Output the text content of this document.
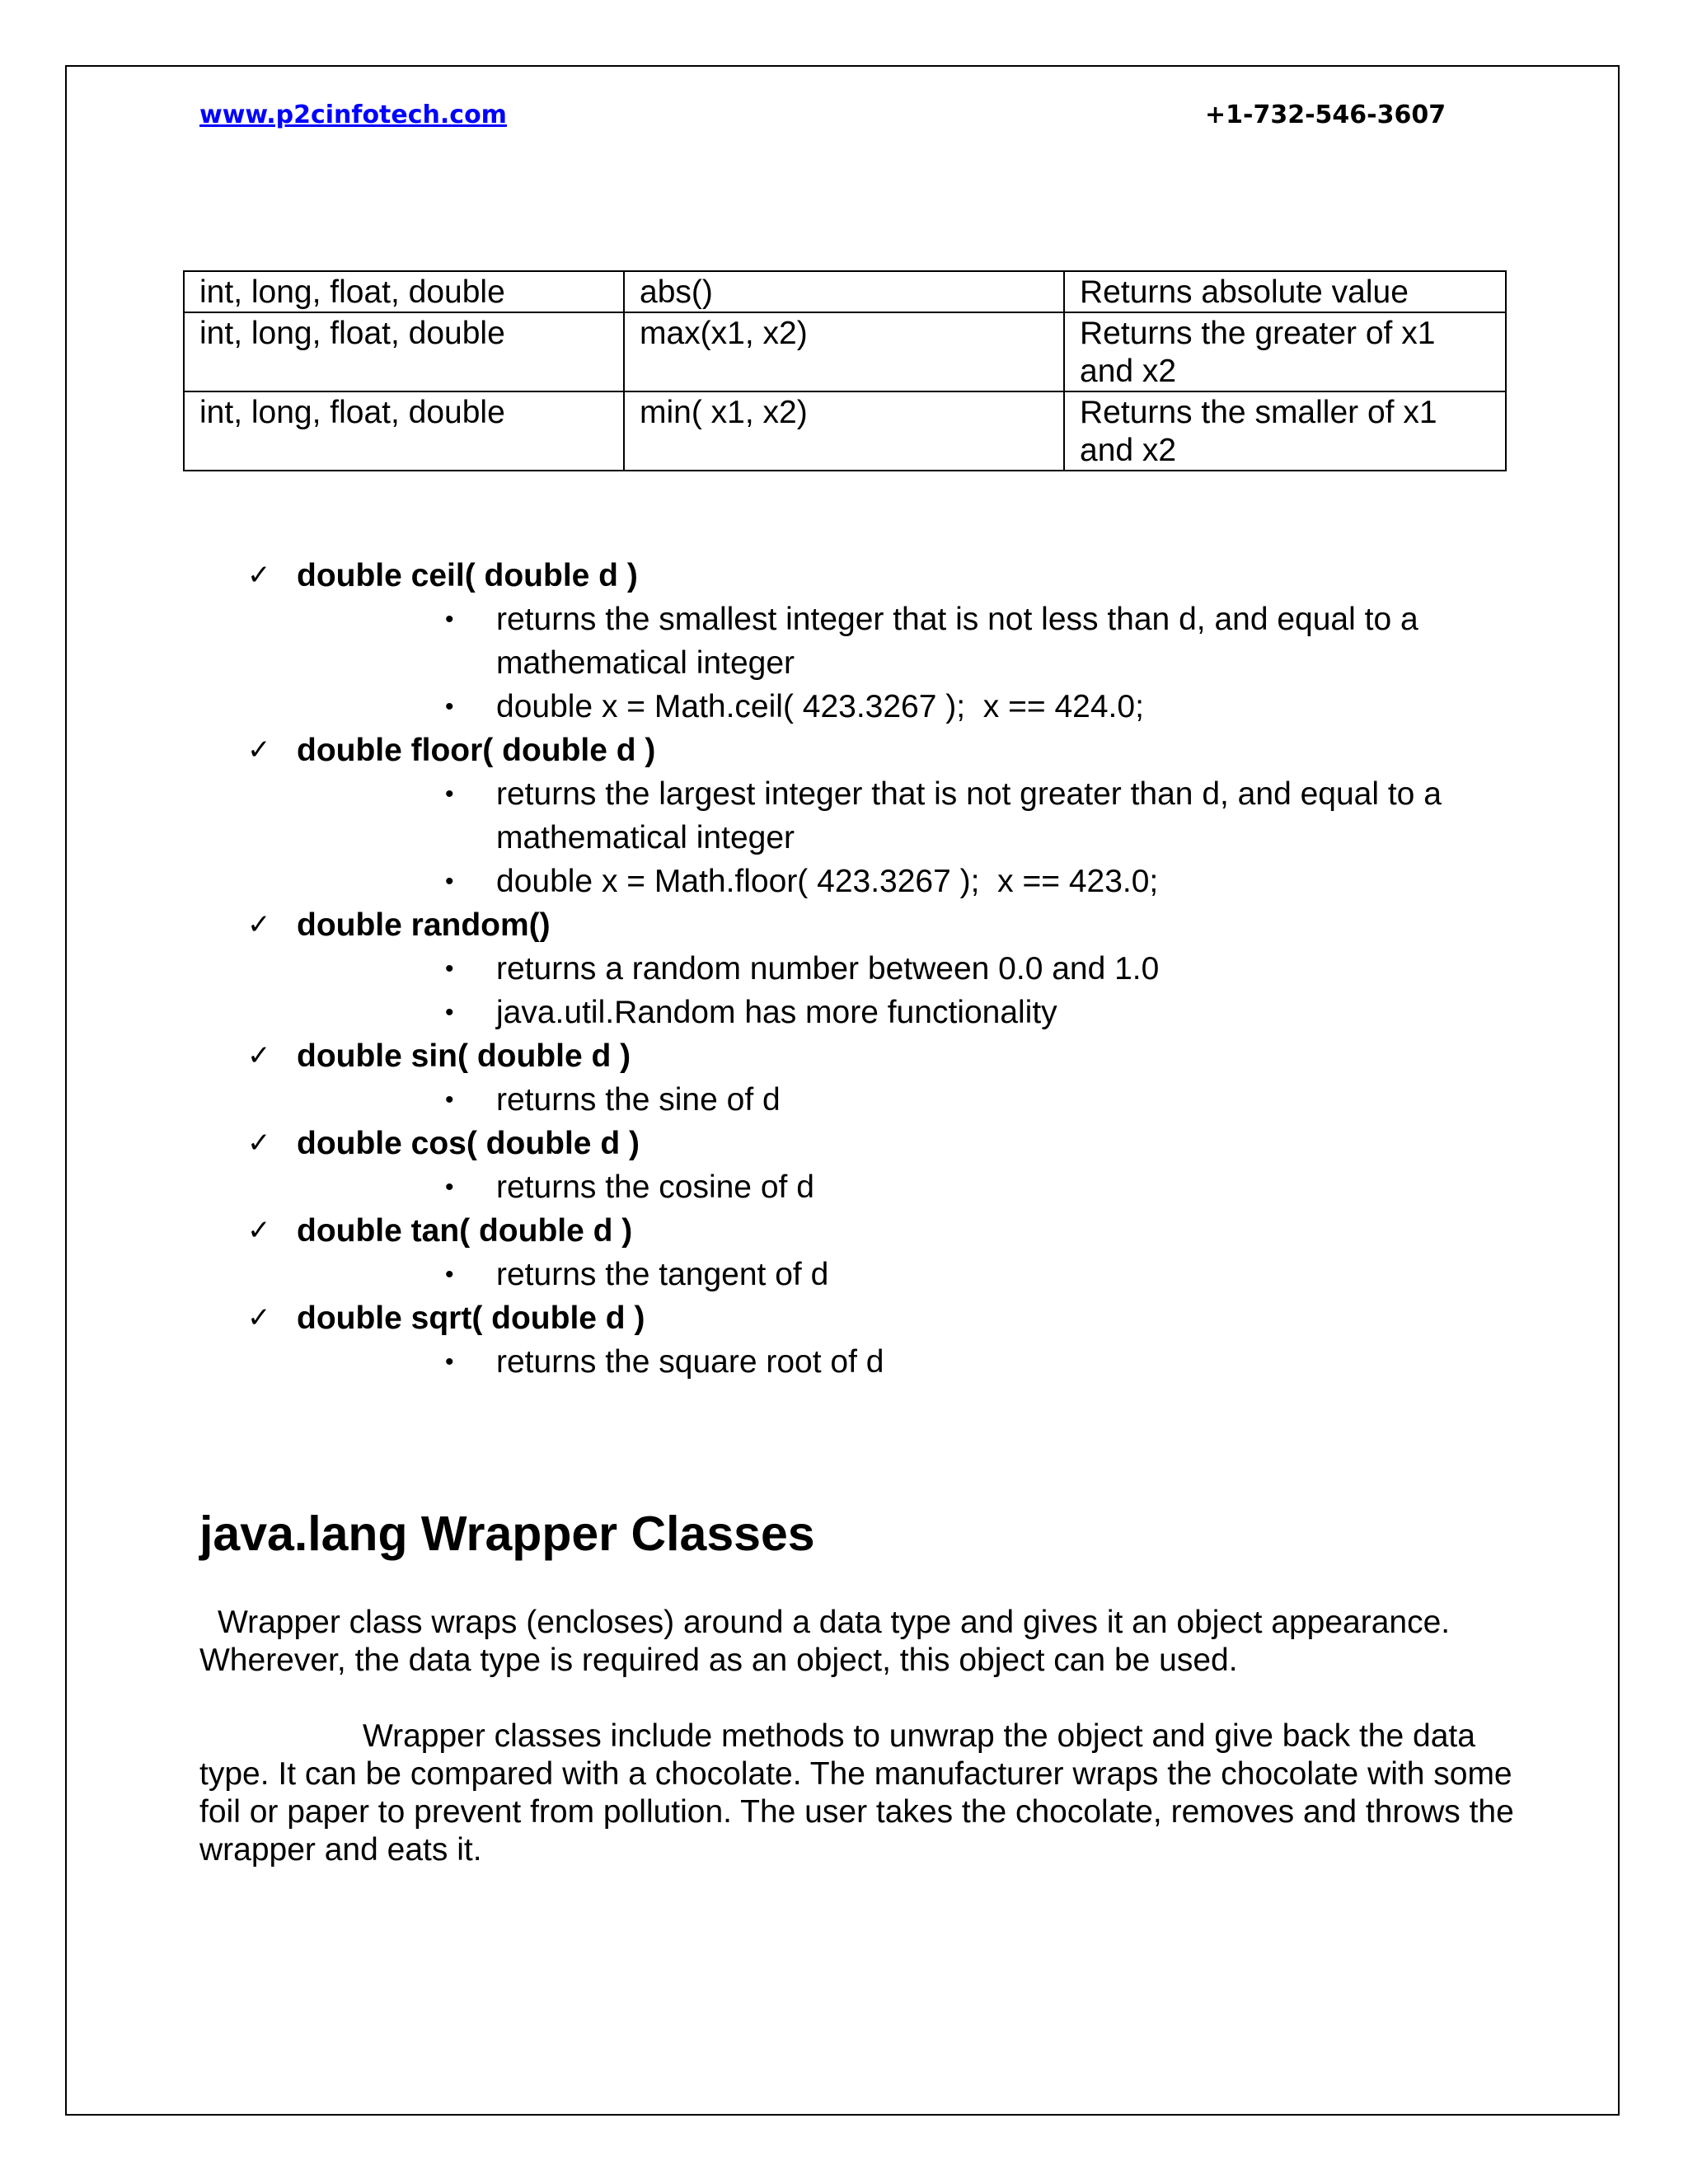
www.p2cinfotech.com	+1-732-546-3607
int, long, float, double	abs()	Returns absolute value
int, long, float, double	max(x1, x2)	Returns the greater of x1 and x2
int, long, float, double	min( x1, x2)	Returns the smaller of x1 and x2
✓ double ceil( double d )
• returns the smallest integer that is not less than d, and equal to a mathematical integer
• double x = Math.ceil( 423.3267 );  x == 424.0;
✓ double floor( double d )
• returns the largest integer that is not greater than d, and equal to a mathematical integer
• double x = Math.floor( 423.3267 );  x == 423.0;
✓ double random()
• returns a random number between 0.0 and 1.0
• java.util.Random has more functionality
✓ double sin( double d )
• returns the sine of d
✓ double cos( double d )
• returns the cosine of d
✓ double tan( double d )
• returns the tangent of d
✓ double sqrt( double d )
• returns the square root of d
java.lang Wrapper Classes

Wrapper class wraps (encloses) around a data type and gives it an object appearance. Wherever, the data type is required as an object, this object can be used.

Wrapper classes include methods to unwrap the object and give back the data type. It can be compared with a chocolate. The manufacturer wraps the chocolate with some foil or paper to prevent from pollution. The user takes the chocolate, removes and throws the wrapper and eats it.
